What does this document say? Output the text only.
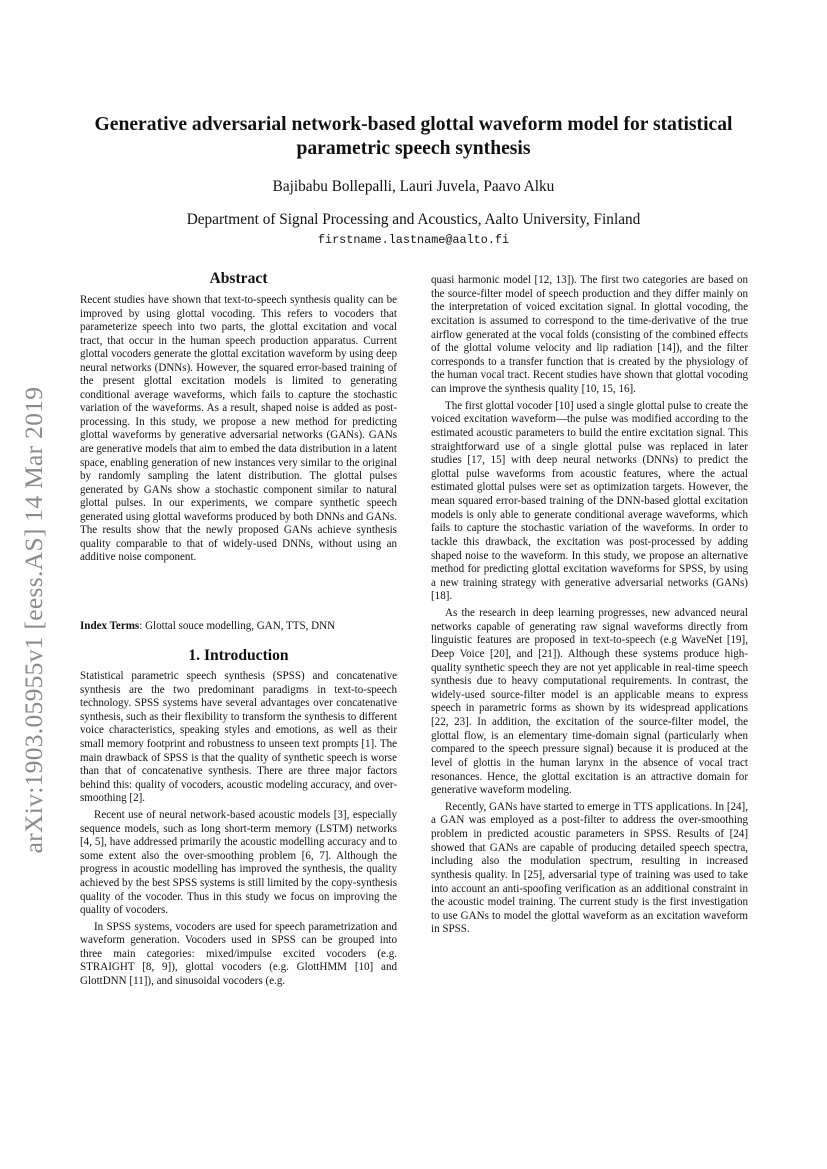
arXiv:1903.05955v1 [eess.AS] 14 Mar 2019
Generative adversarial network-based glottal waveform model for statistical parametric speech synthesis
Bajibabu Bollepalli, Lauri Juvela, Paavo Alku
Department of Signal Processing and Acoustics, Aalto University, Finland
firstname.lastname@aalto.fi
Abstract

Recent studies have shown that text-to-speech synthesis quality can be improved by using glottal vocoding. This refers to vocoders that parameterize speech into two parts, the glottal excitation and vocal tract, that occur in the human speech production apparatus. Current glottal vocoders generate the glottal excitation waveform by using deep neural networks (DNNs). However, the squared error-based training of the present glottal excitation models is limited to generating conditional average waveforms, which fails to capture the stochastic variation of the waveforms. As a result, shaped noise is added as post-processing. In this study, we propose a new method for predicting glottal waveforms by generative adversarial networks (GANs). GANs are generative models that aim to embed the data distribution in a latent space, enabling generation of new instances very similar to the original by randomly sampling the latent distribution. The glottal pulses generated by GANs show a stochastic component similar to natural glottal pulses. In our experiments, we compare synthetic speech generated using glottal waveforms produced by both DNNs and GANs. The results show that the newly proposed GANs achieve synthesis quality comparable to that of widely-used DNNs, without using an additive noise component.

Index Terms: Glottal souce modelling, GAN, TTS, DNN
1. Introduction

Statistical parametric speech synthesis (SPSS) and concatenative synthesis are the two predominant paradigms in text-to-speech technology. SPSS systems have several advantages over concatenative synthesis, such as their flexibility to transform the synthesis to different voice characteristics, speaking styles and emotions, as well as their small memory footprint and robustness to unseen text prompts [1]. The main drawback of SPSS is that the quality of synthetic speech is worse than that of concatenative synthesis. There are three major factors behind this: quality of vocoders, acoustic modeling accuracy, and over-smoothing [2].

Recent use of neural network-based acoustic models [3], especially sequence models, such as long short-term memory (LSTM) networks [4, 5], have addressed primarily the acoustic modelling accuracy and to some extent also the over-smoothing problem [6, 7]. Although the progress in acoustic modelling has improved the synthesis, the quality achieved by the best SPSS systems is still limited by the copy-synthesis quality of the vocoder. Thus in this study we focus on improving the quality of vocoders.

In SPSS systems, vocoders are used for speech parametrization and waveform generation. Vocoders used in SPSS can be grouped into three main categories: mixed/impulse excited vocoders (e.g. STRAIGHT [8, 9]), glottal vocoders (e.g. GlottHMM [10] and GlottDNN [11]), and sinusoidal vocoders (e.g.

quasi harmonic model [12, 13]). The first two categories are based on the source-filter model of speech production and they differ mainly on the interpretation of voiced excitation signal. In glottal vocoding, the excitation is assumed to correspond to the time-derivative of the true airflow generated at the vocal folds (consisting of the combined effects of the glottal volume velocity and lip radiation [14]), and the filter corresponds to a transfer function that is created by the physiology of the human vocal tract. Recent studies have shown that glottal vocoding can improve the synthesis quality [10, 15, 16].

The first glottal vocoder [10] used a single glottal pulse to create the voiced excitation waveform—the pulse was modified according to the estimated acoustic parameters to build the entire excitation signal. This straightforward use of a single glottal pulse was replaced in later studies [17, 15] with deep neural networks (DNNs) to predict the glottal pulse waveforms from acoustic features, where the actual estimated glottal pulses were set as optimization targets. However, the mean squared error-based training of the DNN-based glottal excitation models is only able to generate conditional average waveforms, which fails to capture the stochastic variation of the waveforms. In order to tackle this drawback, the excitation was post-processed by adding shaped noise to the waveform. In this study, we propose an alternative method for predicting glottal excitation waveforms for SPSS, by using a new training strategy with generative adversarial networks (GANs) [18].

As the research in deep learning progresses, new advanced neural networks capable of generating raw signal waveforms directly from linguistic features are proposed in text-to-speech (e.g WaveNet [19], Deep Voice [20], and [21]). Although these systems produce high-quality synthetic speech they are not yet applicable in real-time speech synthesis due to heavy computational requirements. In contrast, the widely-used source-filter model is an applicable means to express speech in parametric forms as shown by its widespread applications [22, 23]. In addition, the excitation of the source-filter model, the glottal flow, is an elementary time-domain signal (particularly when compared to the speech pressure signal) because it is produced at the level of glottis in the human larynx in the absence of vocal tract resonances. Hence, the glottal excitation is an attractive domain for generative waveform modeling.

Recently, GANs have started to emerge in TTS applications. In [24], a GAN was employed as a post-filter to address the over-smoothing problem in predicted acoustic parameters in SPSS. Results of [24] showed that GANs are capable of producing detailed speech spectra, including also the modulation spectrum, resulting in increased synthesis quality. In [25], adversarial type of training was used to take into account an anti-spoofing verification as an additional constraint in the acoustic model training. The current study is the first investigation to use GANs to model the glottal waveform as an excitation waveform in SPSS.
